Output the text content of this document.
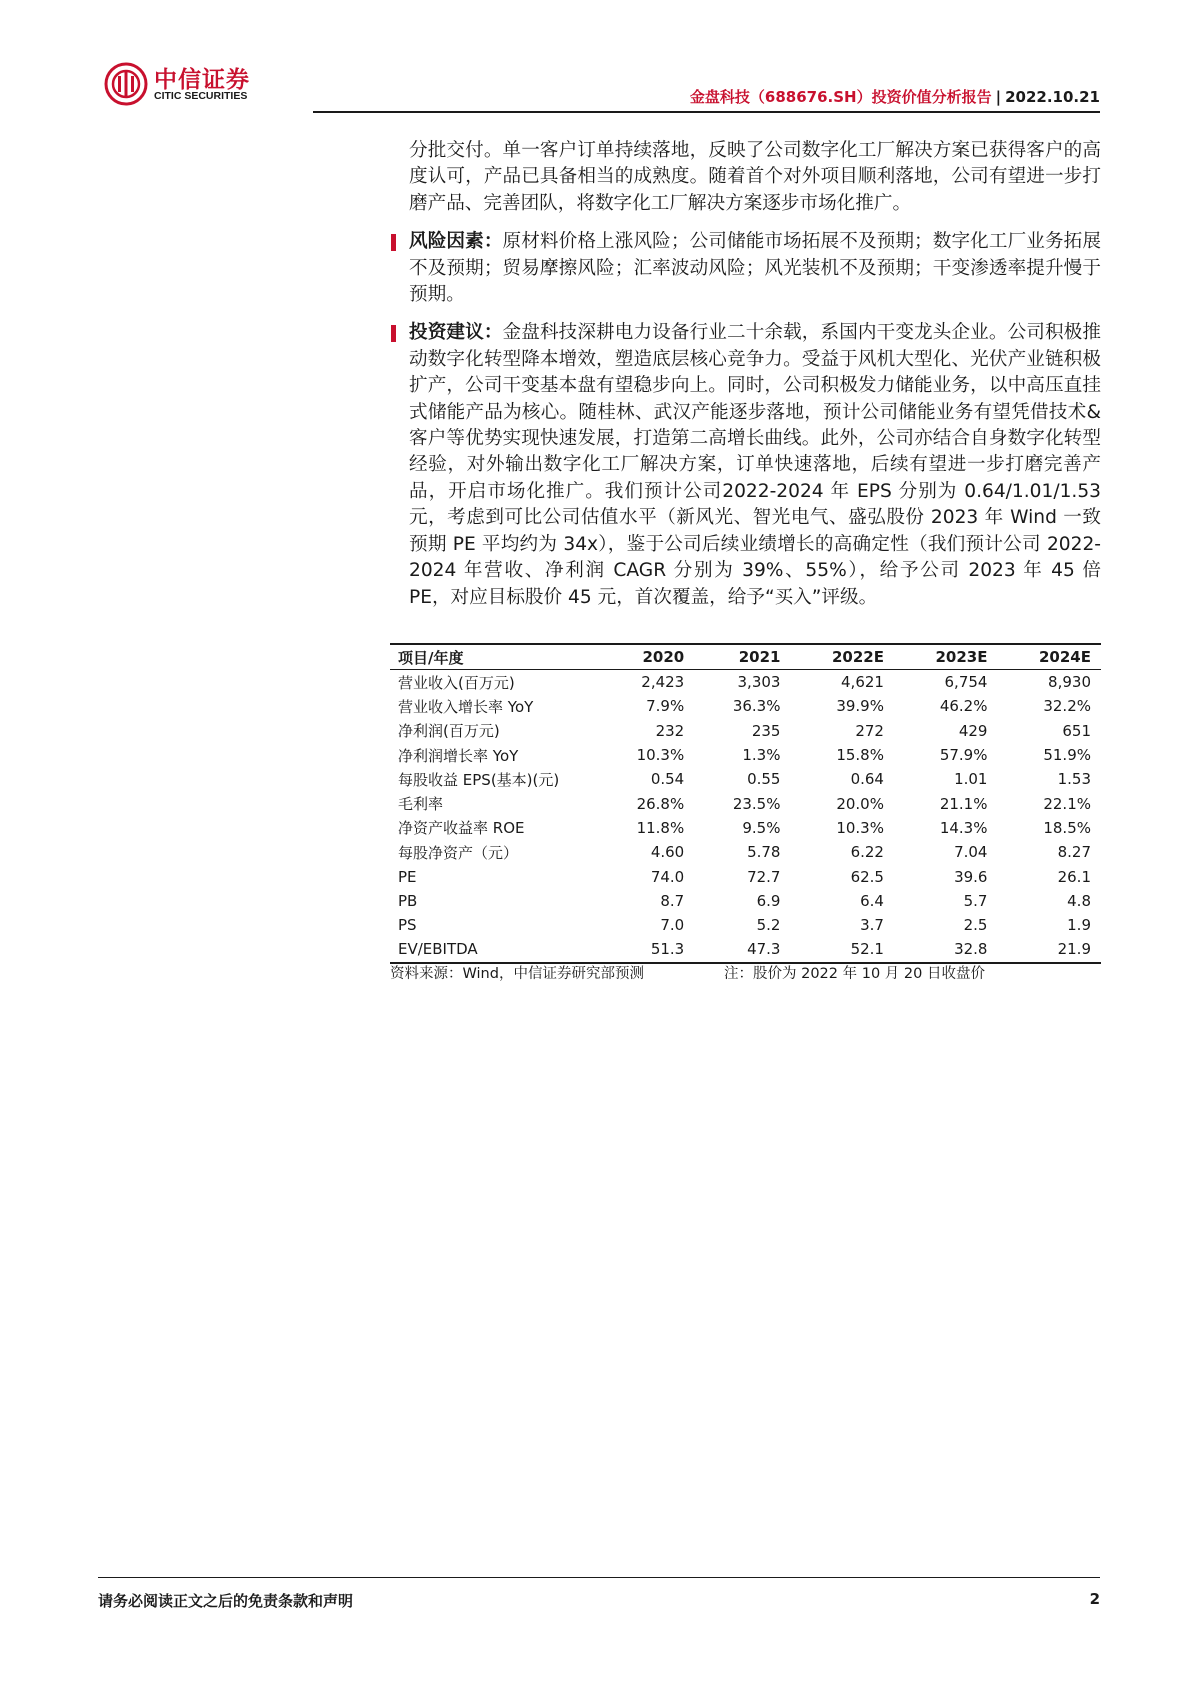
中信证券
CITIC SECURITIES	金盘科技（688676.SH）投资价值分析报告 | 2022.10.21

分批交付。单一客户订单持续落地，反映了公司数字化工厂解决方案已获得客户的高度认可，产品已具备相当的成熟度。随着首个对外项目顺利落地，公司有望进一步打磨产品、完善团队，将数字化工厂解决方案逐步市场化推广。

风险因素：原材料价格上涨风险；公司储能市场拓展不及预期；数字化工厂业务拓展不及预期；贸易摩擦风险；汇率波动风险；风光装机不及预期；干变渗透率提升慢于预期。

投资建议：金盘科技深耕电力设备行业二十余载，系国内干变龙头企业。公司积极推动数字化转型降本增效，塑造底层核心竞争力。受益于风机大型化、光伏产业链积极扩产，公司干变基本盘有望稳步向上。同时，公司积极发力储能业务，以中高压直挂式储能产品为核心。随桂林、武汉产能逐步落地，预计公司储能业务有望凭借技术&客户等优势实现快速发展，打造第二高增长曲线。此外，公司亦结合自身数字化转型经验，对外输出数字化工厂解决方案，订单快速落地，后续有望进一步打磨完善产品，开启市场化推广。我们预计公司2022-2024 年 EPS 分别为 0.64/1.01/1.53 元，考虑到可比公司估值水平（新风光、智光电气、盛弘股份 2023 年 Wind 一致预期 PE 平均约为 34x），鉴于公司后续业绩增长的高确定性（我们预计公司 2022-2024 年营收、净利润 CAGR 分别为 39%、55%），给予公司 2023 年 45 倍 PE，对应目标股价 45 元，首次覆盖，给予“买入”评级。

项目/年度	2020	2021	2022E	2023E	2024E
营业收入(百万元)	2,423	3,303	4,621	6,754	8,930
营业收入增长率 YoY	7.9%	36.3%	39.9%	46.2%	32.2%
净利润(百万元)	232	235	272	429	651
净利润增长率 YoY	10.3%	1.3%	15.8%	57.9%	51.9%
每股收益 EPS(基本)(元)	0.54	0.55	0.64	1.01	1.53
毛利率	26.8%	23.5%	20.0%	21.1%	22.1%
净资产收益率 ROE	11.8%	9.5%	10.3%	14.3%	18.5%
每股净资产（元）	4.60	5.78	6.22	7.04	8.27
PE	74.0	72.7	62.5	39.6	26.1
PB	8.7	6.9	6.4	5.7	4.8
PS	7.0	5.2	3.7	2.5	1.9
EV/EBITDA	51.3	47.3	52.1	32.8	21.9
资料来源：Wind，中信证券研究部预测	注：股价为 2022 年 10 月 20 日收盘价
请务必阅读正文之后的免责条款和声明	2
